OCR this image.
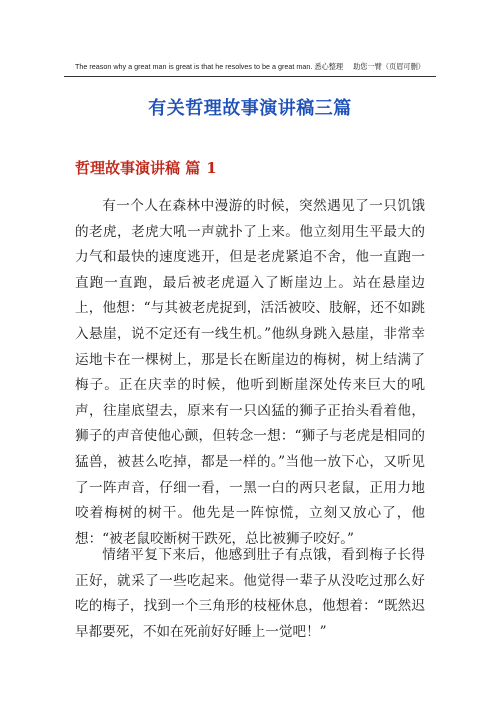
The reason why a great man is great is that he resolves to be a great man. 悉心整理 助您一臂（页眉可删）
有关哲理故事演讲稿三篇
哲理故事演讲稿 篇 1

有一个人在森林中漫游的时候，突然遇见了一只饥饿的老虎，老虎大吼一声就扑了上来。他立刻用生平最大的力气和最快的速度逃开，但是老虎紧追不舍，他一直跑一直跑一直跑，最后被老虎逼入了断崖边上。站在悬崖边上，他想：“与其被老虎捉到，活活被咬、肢解，还不如跳入悬崖，说不定还有一线生机。”他纵身跳入悬崖，非常幸运地卡在一棵树上，那是长在断崖边的梅树，树上结满了梅子。正在庆幸的时候，他听到断崖深处传来巨大的吼声，往崖底望去，原来有一只凶猛的狮子正抬头看着他，狮子的声音使他心颤，但转念一想：“狮子与老虎是相同的猛兽，被甚么吃掉，都是一样的。”当他一放下心，又听见了一阵声音，仔细一看，一黑一白的两只老鼠，正用力地咬着梅树的树干。他先是一阵惊慌，立刻又放心了，他想：“被老鼠咬断树干跌死，总比被狮子咬好。”

情绪平复下来后，他感到肚子有点饿，看到梅子长得正好，就采了一些吃起来。他觉得一辈子从没吃过那么好吃的梅子，找到一个三角形的枝桠休息，他想着：“既然迟早都要死，不如在死前好好睡上一觉吧！”
